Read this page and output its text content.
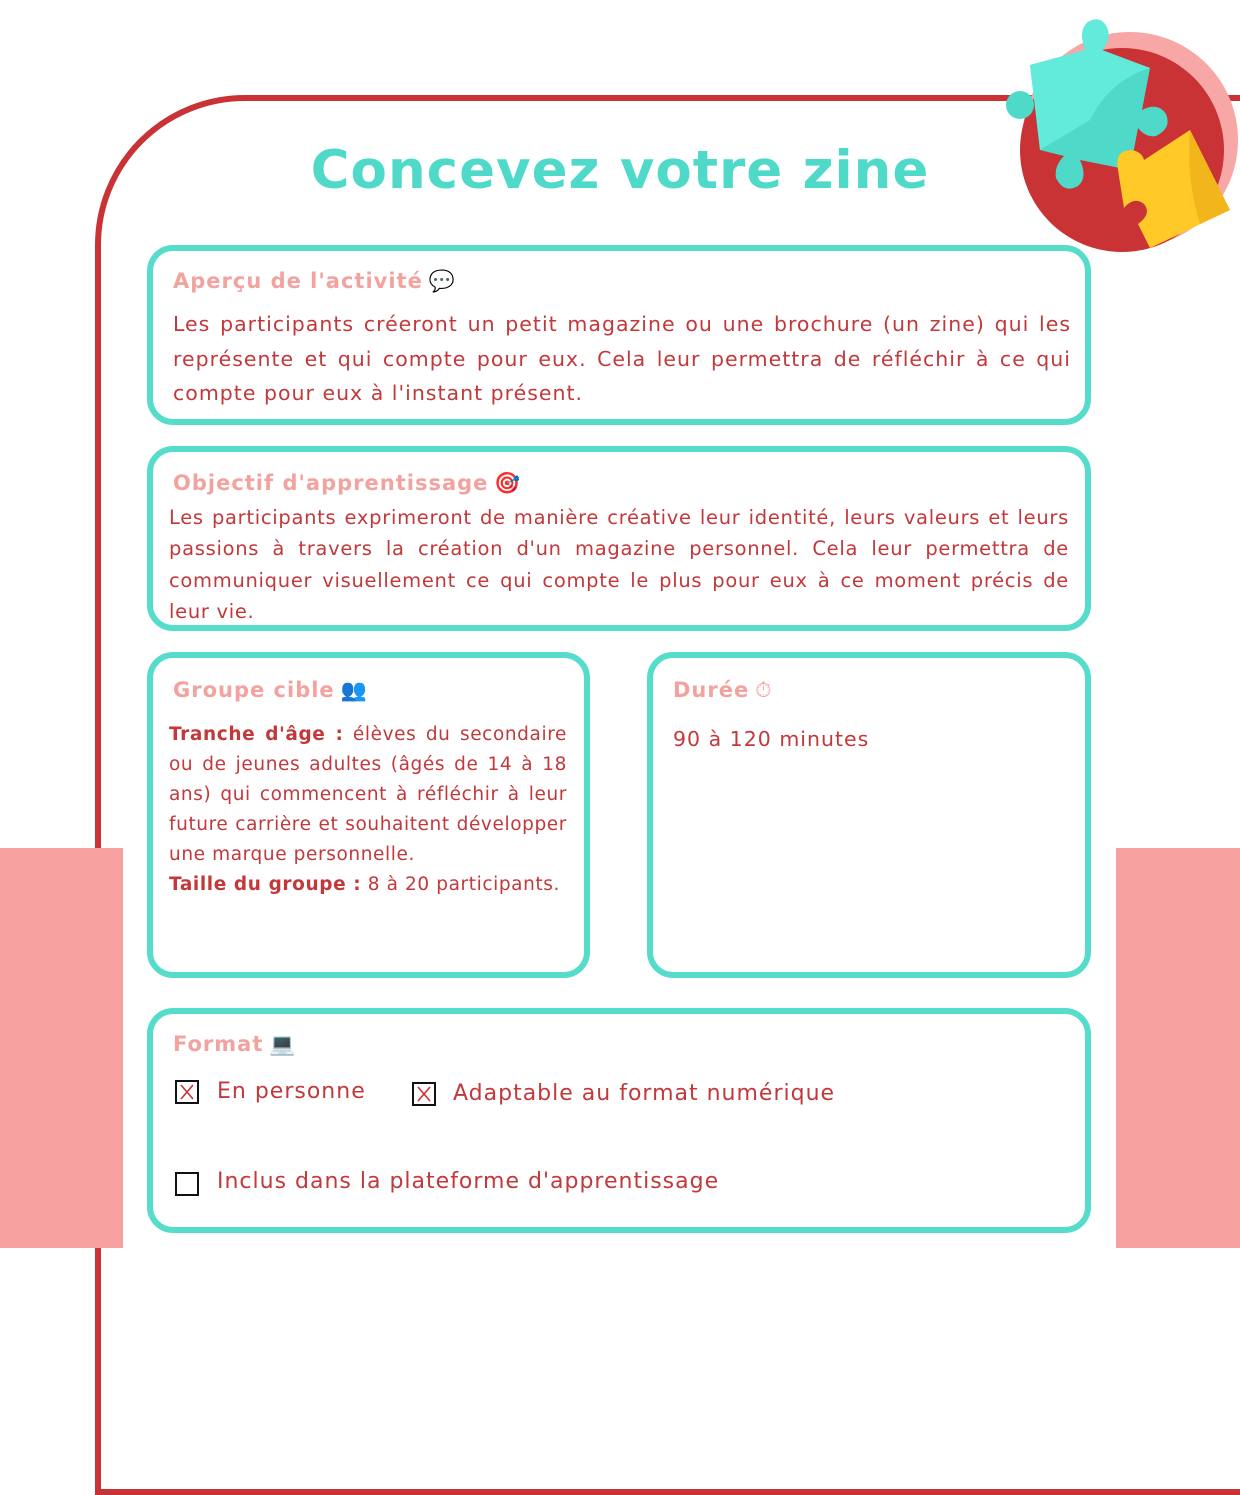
Concevez votre zine
Aperçu de l'activité 💬
Les participants créeront un petit magazine ou une brochure (un zine) qui les représente et qui compte pour eux. Cela leur permettra de réfléchir à ce qui compte pour eux à l'instant présent.
Objectif d'apprentissage 🎯
Les participants exprimeront de manière créative leur identité, leurs valeurs et leurs passions à travers la création d'un magazine personnel. Cela leur permettra de communiquer visuellement ce qui compte le plus pour eux à ce moment précis de leur vie.
Groupe cible 👥
Tranche d'âge : élèves du secondaire ou de jeunes adultes (âgés de 14 à 18 ans) qui commencent à réfléchir à leur future carrière et souhaitent développer une marque personnelle.
Taille du groupe : 8 à 20 participants.
Durée ⏱
90 à 120 minutes
Format 💻
En personne	Adaptable au format numérique
Inclus dans la plateforme d'apprentissage
